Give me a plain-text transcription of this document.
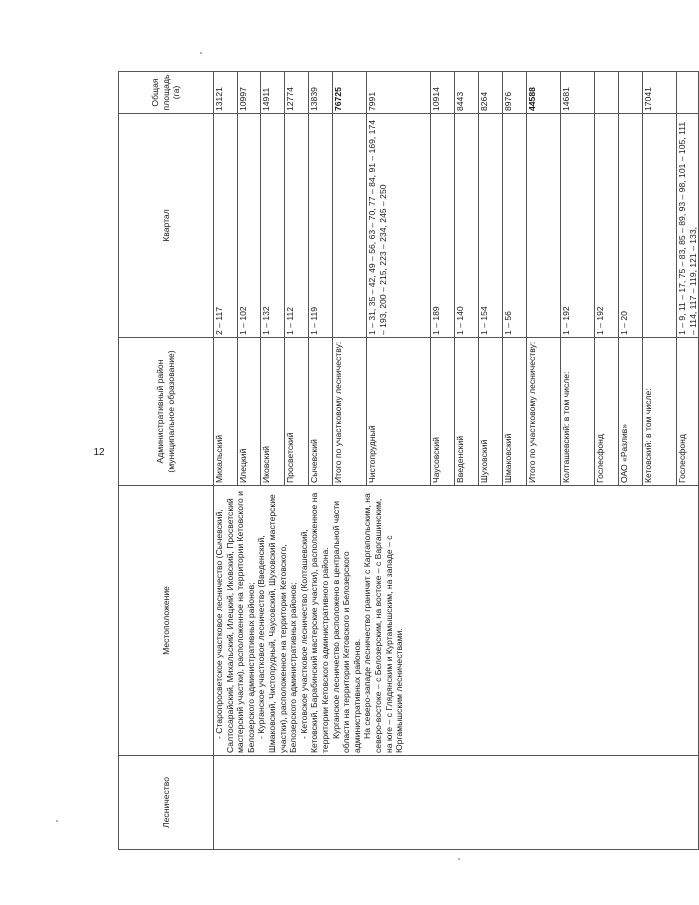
12
Лесничество	Местоположение	Административный район (муниципальное образование)	Квартал	Общая площадь (га)

	- Старопросветское участковое лесничество (Сычевский, Салтосарайский, Михальский, Илецкий, Иковский, Просветский мастерский участки), расположенное на территории Кетовского и Белозерского административных районов; - Курганское участковое лесничество (Введенский, Шмаковский, Чистопрудный, Чаусовский, Шуховский мастерские участки), расположенное на территории Кетовского, Белозерского административных районов; - Кетовское участковое лесничество (Колташевский, Кетовский, Барабинский мастерские участки), расположенное на территории Кетовского административного района. Курганское лесничество расположено в центральной части области на территории Кетовского и Белозерского административных районов. На северо-западе лесничество граничит с Каргапольским, на северо-востоке – с Белозерским, на востоке – с Варгашинским, на юге – с Глядянским и Куртамышским, на западе – с Юргамышским лесничествами.	Михальский	2 – 117	13121
		Илецкий	1 – 102	10997
		Иковский	1 – 132	14911
		Просветский	1 – 112	12774
		Сычевский	1 – 119	13839
		Итого по участковому лесничеству:		76725
		Чистопрудный	1 – 31, 35 – 42, 49 – 56, 63 – 70, 77 – 84, 91 – 169, 174 – 193, 200 – 215, 223 – 234, 245 – 250	7991
		Чаусовский	1 – 189	10914
		Введенский	1 – 140	8443
		Шуховский	1 – 154	8264
		Шмаковский	1 – 56	8976
		Итого по участковому лесничеству:		44588
		Колташевский: в том числе:	1 – 192	14681
		Гослесфонд	1 – 192	
		ОАО «Разлив»	1 – 20	
		Кетовский: в том числе:		17041
		Гослесфонд	1 – 9, 11 – 17, 75 – 83, 85 – 89, 93 – 98, 101 – 105, 111 – 114, 117 – 119, 121 – 133,	
